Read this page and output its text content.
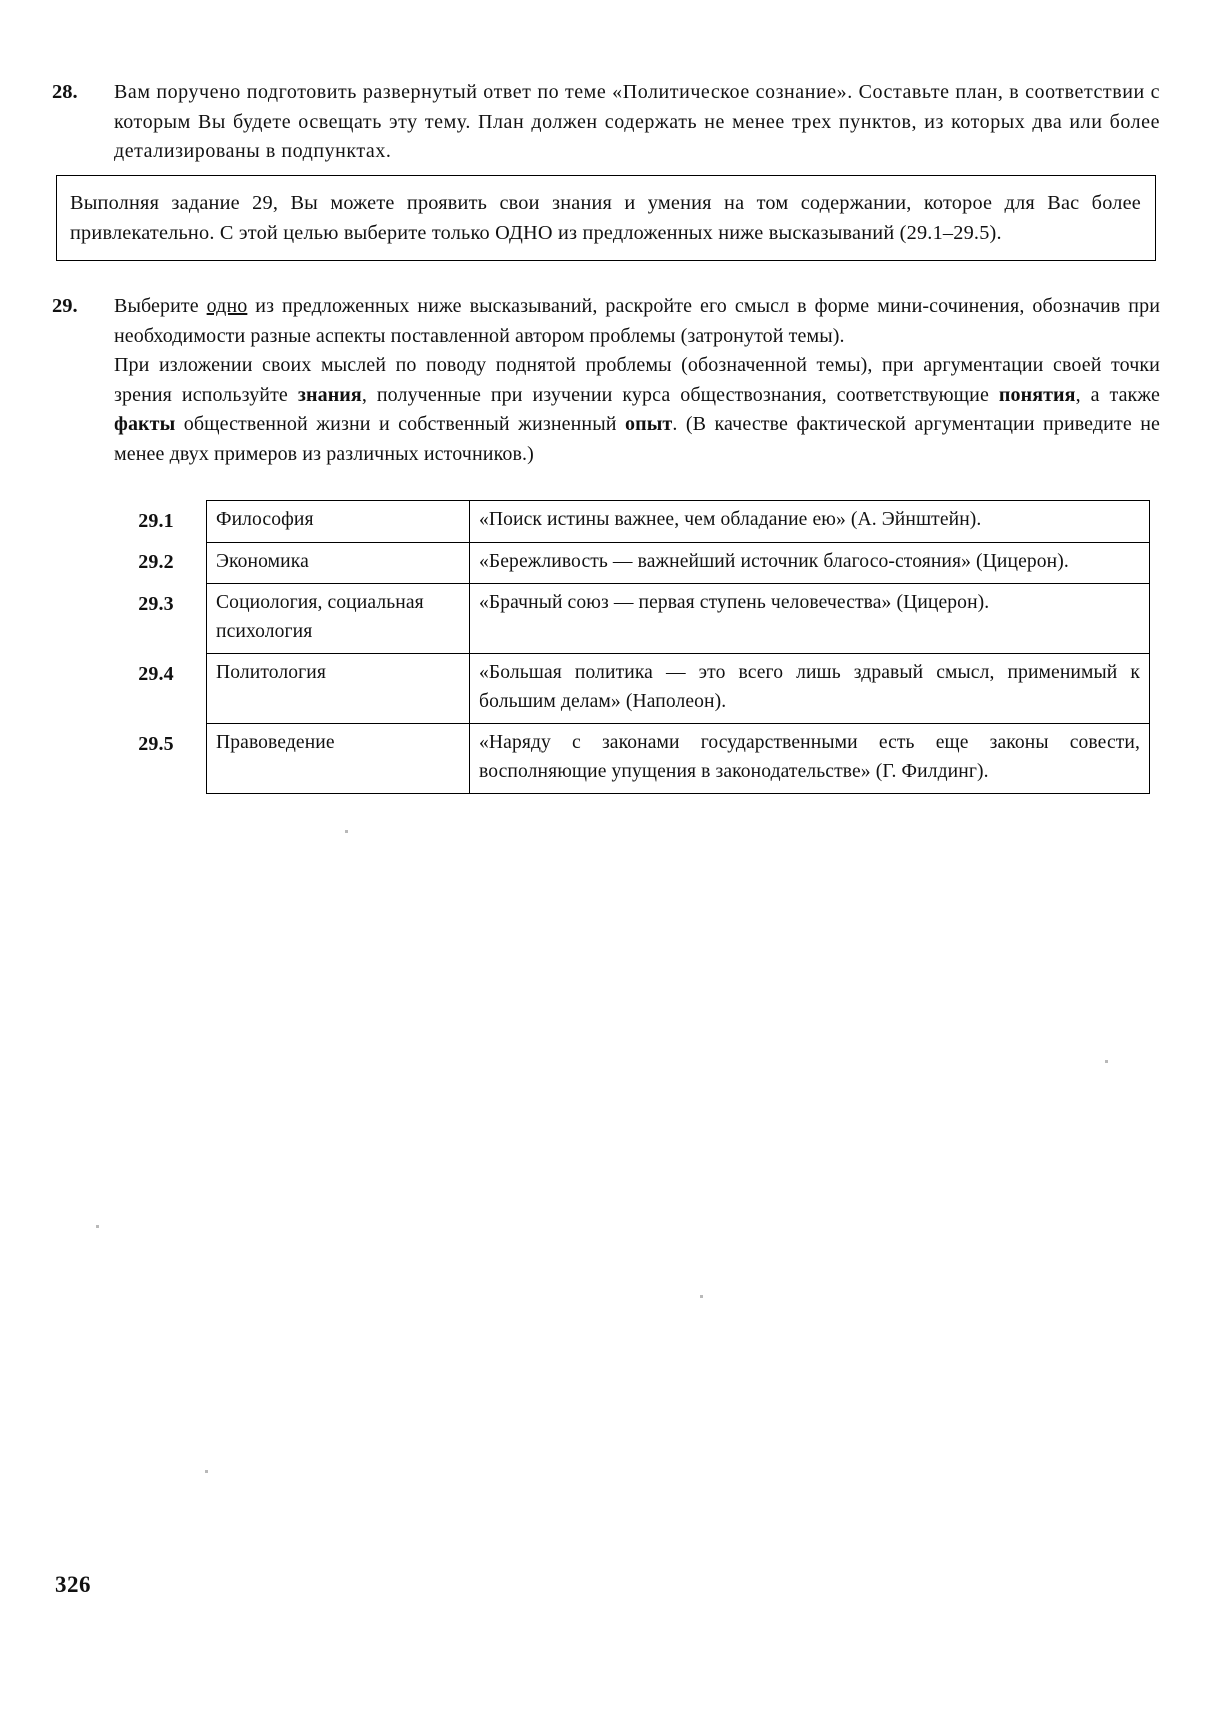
28.	Вам поручено подготовить развернутый ответ по теме «Политическое сознание». Составьте план, в соответствии с которым Вы будете освещать эту тему. План должен содержать не менее трех пунктов, из которых два или более детализированы в подпунктах.

Выполняя задание 29, Вы можете проявить свои знания и умения на том содержании, которое для Вас более привлекательно. С этой целью выберите только ОДНО из предложенных ниже высказываний (29.1–29.5).
29.	Выберите одно из предложенных ниже высказываний, раскройте его смысл в форме мини-сочинения, обозначив при необходимости разные аспекты поставленной автором проблемы (затронутой темы).

При изложении своих мыслей по поводу поднятой проблемы (обозначенной темы), при аргументации своей точки зрения используйте знания, полученные при изучении курса обществознания, соответствующие понятия, а также факты общественной жизни и собственный жизненный опыт. (В качестве фактической аргументации приведите не менее двух примеров из различных источников.)

29.1	Философия	«Поиск истины важнее, чем обладание ею» (А. Эйнштейн).
29.2	Экономика	«Бережливость — важнейший источник благосо-стояния» (Цицерон).
29.3	Социология, социальная психология	«Брачный союз — первая ступень человечества» (Цицерон).
29.4	Политология	«Большая политика — это всего лишь здравый смысл, применимый к большим делам» (Наполеон).
29.5	Правоведение	«Наряду с законами государственными есть еще законы совести, восполняющие упущения в законодательстве» (Г. Филдинг).
326
